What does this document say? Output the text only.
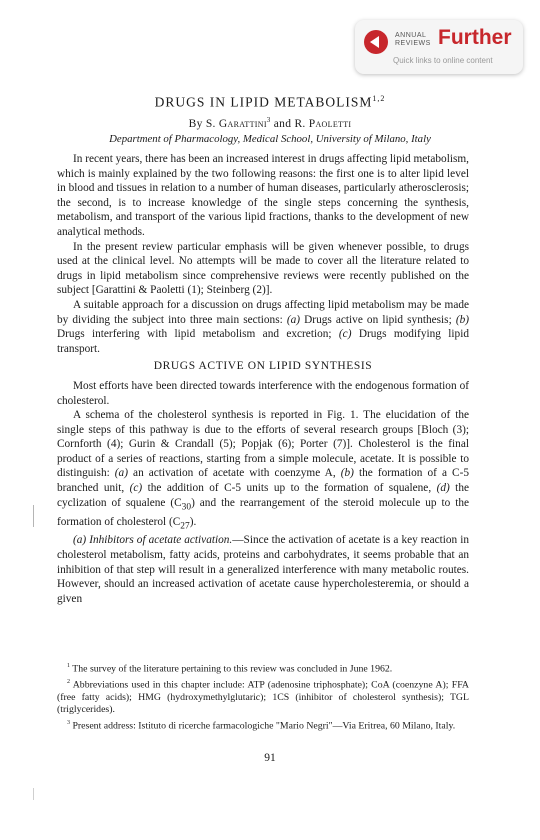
ANNUAL
REVIEWS Further
Quick links to online content
DRUGS IN LIPID METABOLISM$^{1,2}$
By S. Garattini$^3$ and R. Paoletti
Department of Pharmacology, Medical School, University of Milano, Italy

In recent years, there has been an increased interest in drugs affecting lipid metabolism, which is mainly explained by the two following reasons: the first one is to alter lipid level in blood and tissues in relation to a number of human diseases, particularly atherosclerosis; the second, is to increase knowledge of the single steps concerning the synthesis, metabolism, and transport of the various lipid fractions, thanks to the development of new analytical methods.

In the present review particular emphasis will be given whenever possible, to drugs used at the clinical level. No attempts will be made to cover all the literature related to drugs in lipid metabolism since comprehensive reviews were recently published on the subject [Garattini & Paoletti (1); Steinberg (2)].

A suitable approach for a discussion on drugs affecting lipid metabolism may be made by dividing the subject into three main sections: (a) Drugs active on lipid synthesis; (b) Drugs interfering with lipid metabolism and excretion; (c) Drugs modifying lipid transport.

DRUGS ACTIVE ON LIPID SYNTHESIS

Most efforts have been directed towards interference with the endogenous formation of cholesterol.

A schema of the cholesterol synthesis is reported in Fig. 1. The elucidation of the single steps of this pathway is due to the efforts of several research groups [Bloch (3); Cornforth (4); Gurin & Crandall (5); Popjak (6); Porter (7)]. Cholesterol is the final product of a series of reactions, starting from a simple molecule, acetate. It is possible to distinguish: (a) an activation of acetate with coenzyme A, (b) the formation of a C-5 branched unit, (c) the addition of C-5 units up to the formation of squalene, (d) the cyclization of squalene $(C_{30})$ and the rearrangement of the steroid molecule up to the formation of cholesterol $(C_{27})$.

(a) Inhibitors of acetate activation.—Since the activation of acetate is a key reaction in cholesterol metabolism, fatty acids, proteins and carbohydrates, it seems probable that an inhibition of that step will result in a generalized interference with many metabolic routes. However, should an increased activation of acetate cause hypercholesteremia, or should a given

$^1$ The survey of the literature pertaining to this review was concluded in June 1962.

$^2$ Abbreviations used in this chapter include: ATP (adenosine triphosphate); CoA (coenzyne A); FFA (free fatty acids); HMG (hydroxymethylglutaric); 1CS (inhibitor of cholesterol synthesis); TGL (triglycerides).

$^3$ Present address: Istituto di ricerche farmacologiche "Mario Negri"—Via Eritrea, 60 Milano, Italy.

91
